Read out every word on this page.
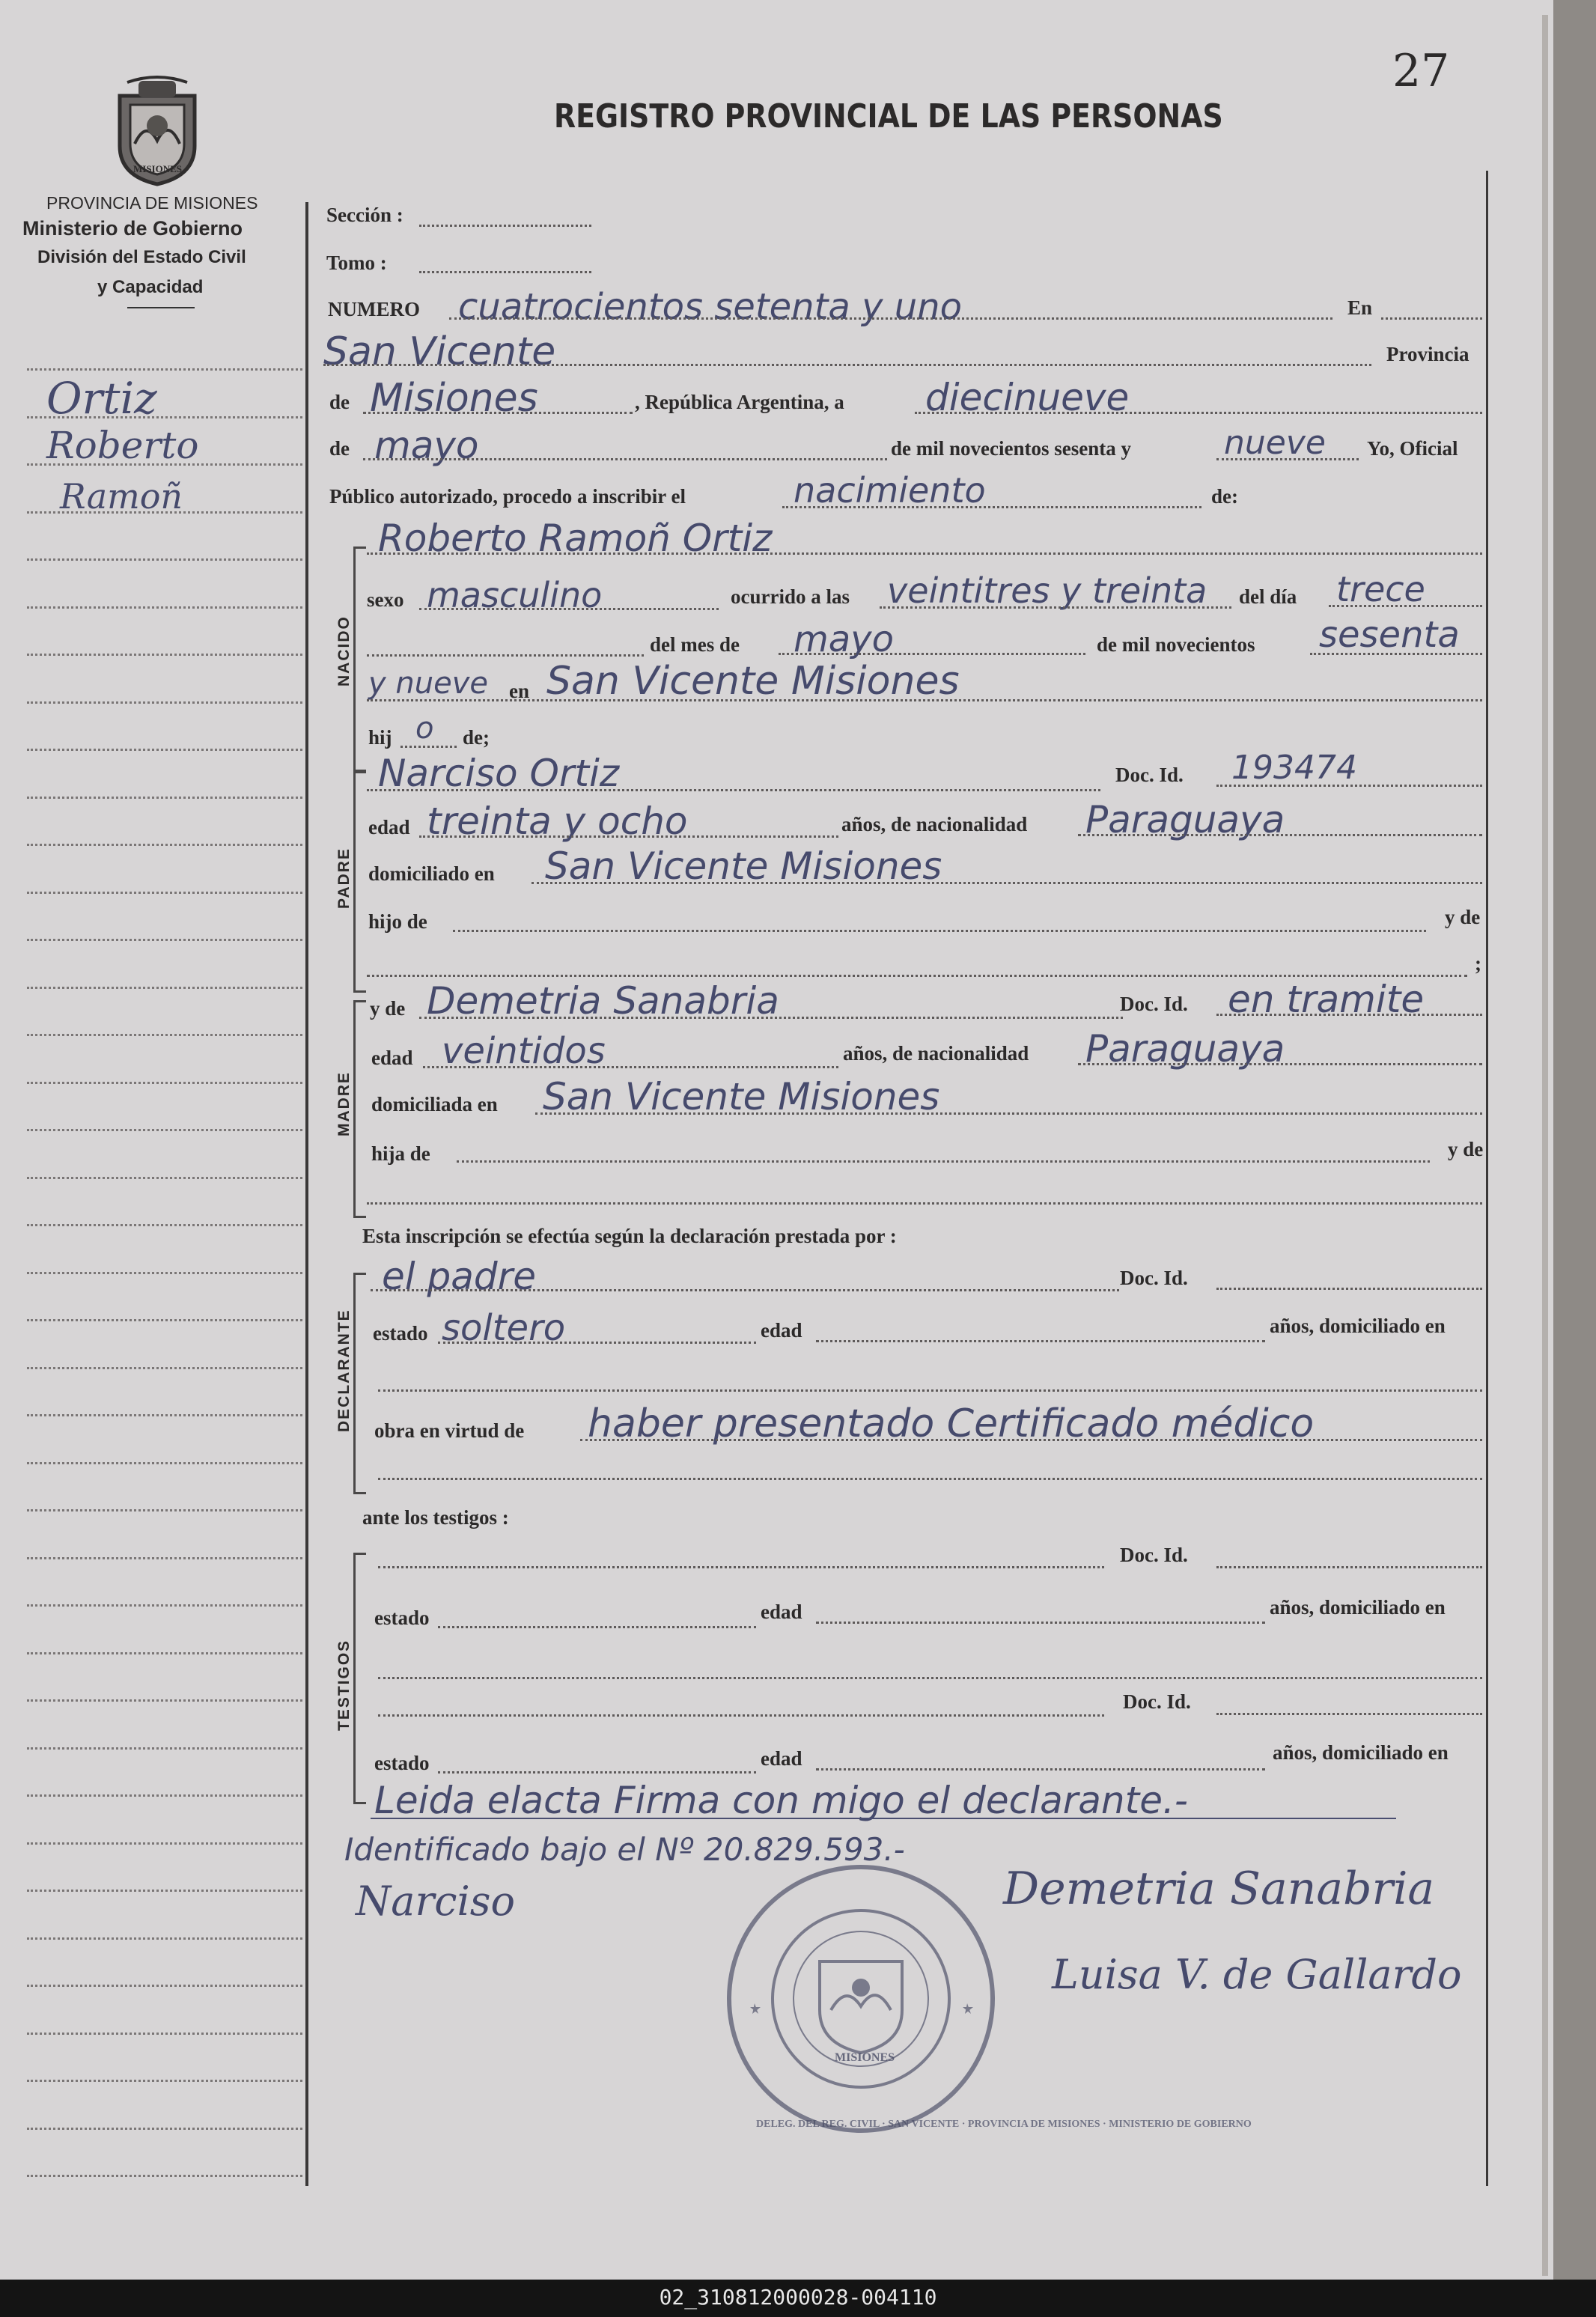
MISIONES
27
REGISTRO PROVINCIAL DE LAS PERSONAS
PROVINCIA DE MISIONES
Ministerio de Gobierno
División del Estado Civil
y Capacidad
Ortiz
Roberto
Ramoñ
Sección :
Tomo :
NUMERO cuatrocientos setenta y uno	En
San Vicente	Provincia
de Misiones	, República Argentina, a diecinueve
de mayo	de mil novecientos sesenta y	nueve Yo, Oficial
Público autorizado, procedo a inscribir el	nacimiento	de:
NACIDO
Roberto Ramoñ Ortiz
sexo masculino	ocurrido a las veintitres y treinta del día trece
del mes de mayo	de mil novecientos sesenta
y nueve en San Vicente Misiones
hij o de;
PADRE
Narciso Ortiz	Doc. Id. 193474
edad treinta y ocho	años, de nacionalidad Paraguaya
domiciliado en San Vicente Misiones
hijo de	y de
;
MADRE
y de Demetria Sanabria	Doc. Id. en tramite
edad veintidos	años, de nacionalidad Paraguaya
domiciliada en San Vicente Misiones
hija de	y de
Esta inscripción se efectúa según la declaración prestada por :
DECLARANTE
el padre	Doc. Id.
estado soltero	edad	años, domiciliado en
obra en virtud de haber presentado Certificado médico
ante los testigos :
TESTIGOS
Doc. Id.
estado	edad	años, domiciliado en
Doc. Id.
estado	edad	años, domiciliado en
Leida elacta Firma con migo el declarante.-
Identificado bajo el Nº 20.829.593.-
Narciso	Demetria Sanabria
Luisa V. de Gallardo
DELEG. DEL REG. CIVIL · SAN VICENTE · PROVINCIA DE MISIONES · MINISTERIO DE GOBIERNO
MISIONES
02_310812000028-004110
